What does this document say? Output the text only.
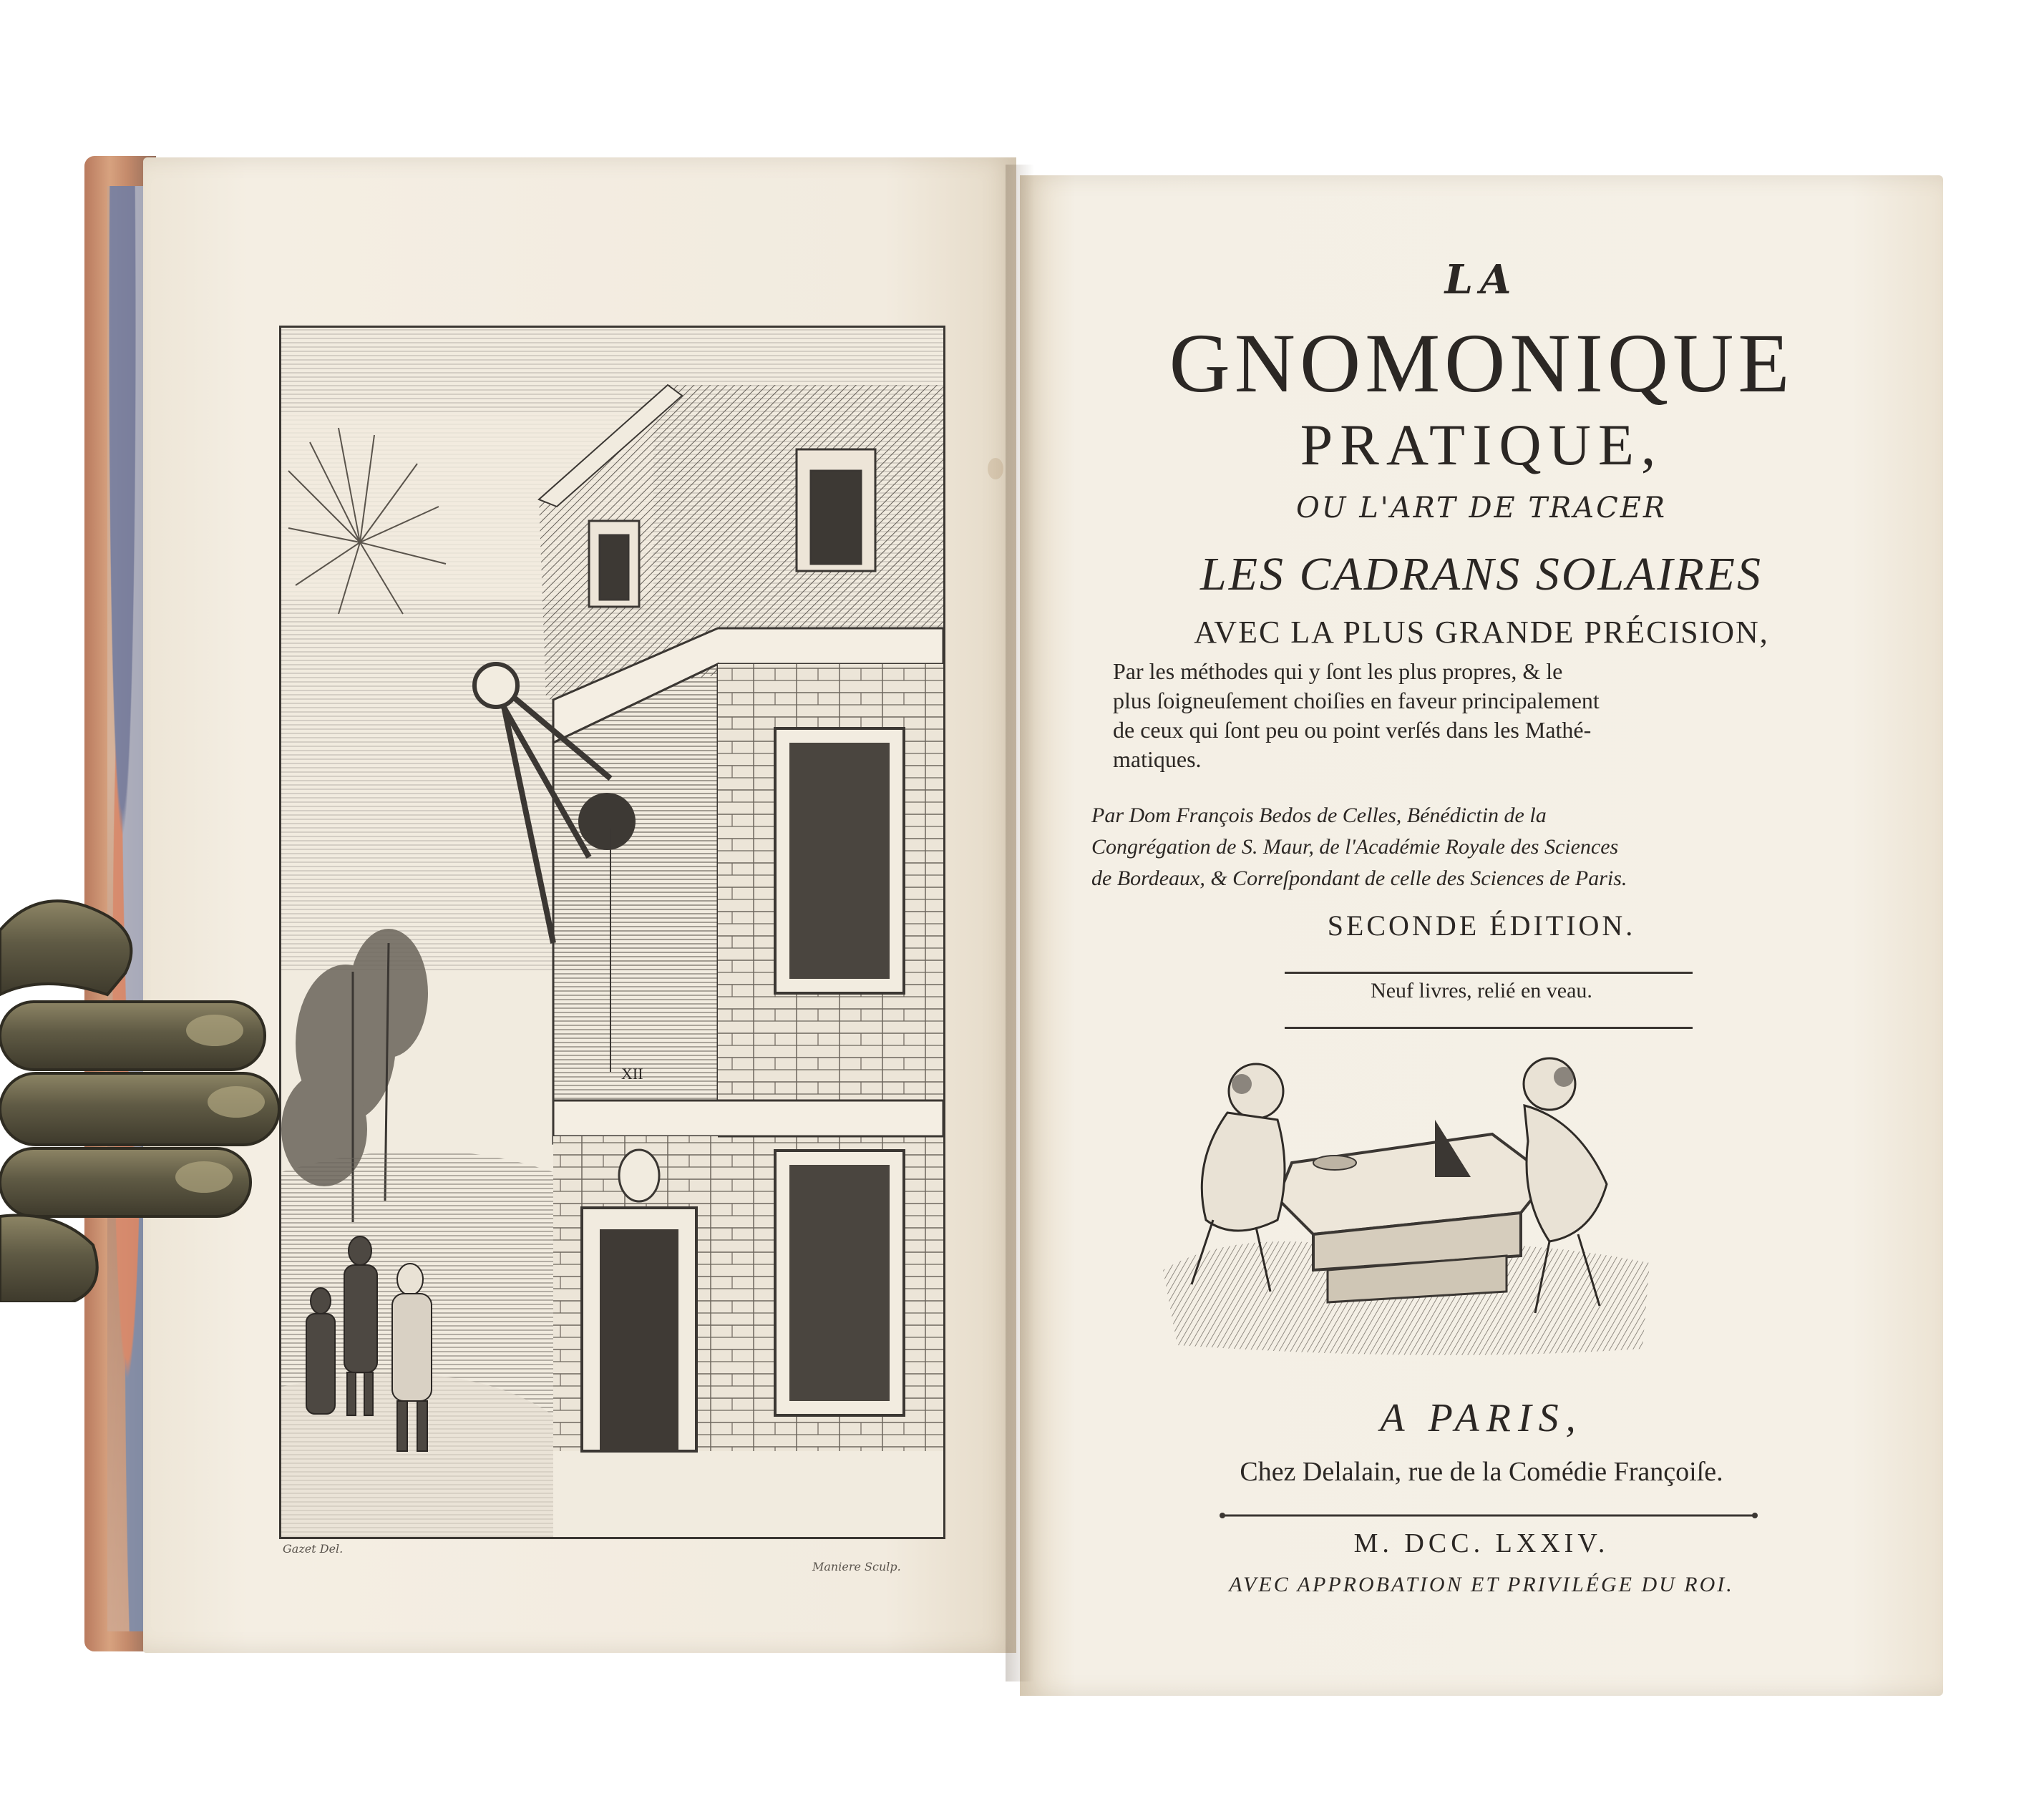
XII
Gazet Del.
Maniere Sculp.
LA
GNOMONIQUE
PRATIQUE,
OU L'ART DE TRACER
LES CADRANS SOLAIRES
AVEC LA PLUS GRANDE PRÉCISION,

Par les méthodes qui y ſont les plus propres, & le

plus ſoigneuſement choiſies en faveur principalement

de ceux qui ſont peu ou point verſés dans les Mathé-

matiques.

Par Dom François Bedos de Celles, Bénédictin de la
Congrégation de S. Maur, de l'Académie Royale des Sciences
de Bordeaux, & Correſpondant de celle des Sciences de Paris.
SECONDE ÉDITION.
Neuf livres, relié en veau.
A PARIS,
Chez Delalain, rue de la Comédie Françoiſe.
M. DCC. LXXIV.
AVEC APPROBATION ET PRIVILÉGE DU ROI.
